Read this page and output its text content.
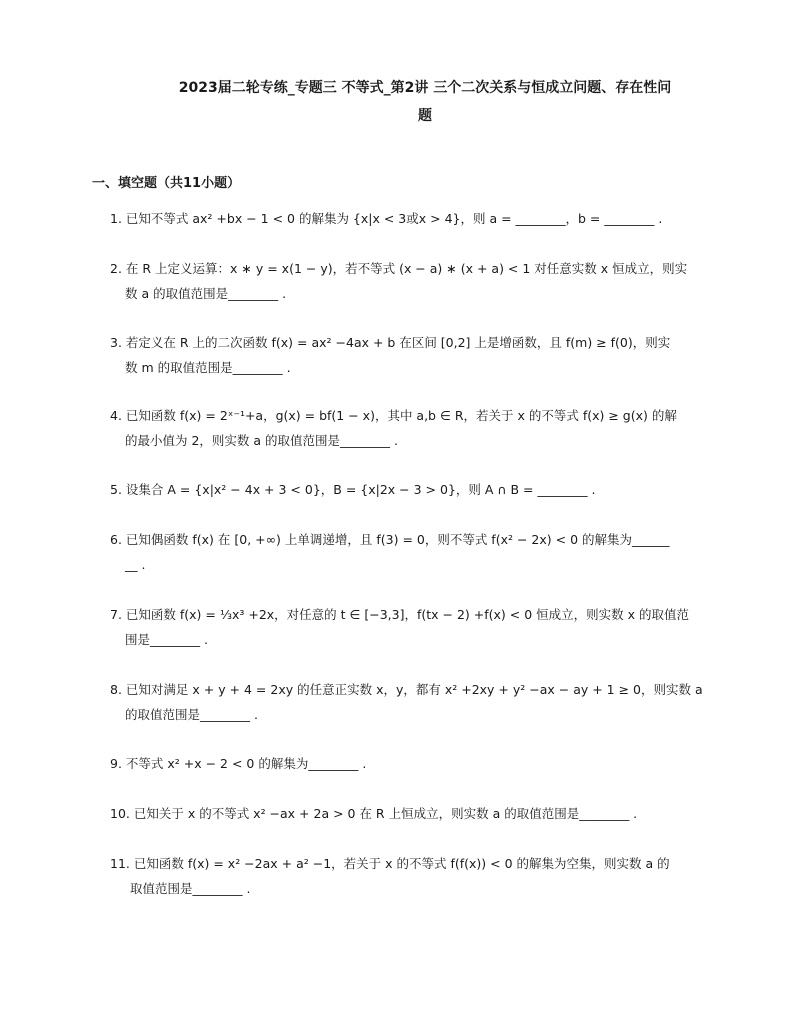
2023届二轮专练_专题三 不等式_第2讲 三个二次关系与恒成立问题、存在性问
题
一、填空题（共11小题）
1. 已知不等式 ax² +bx − 1 < 0 的解集为 {x|x < 3或x > 4}，则 a = ________，b = ________ .
2. 在 R 上定义运算：x ∗ y = x(1 − y)，若不等式 (x − a) ∗ (x + a) < 1 对任意实数 x 恒成立，则实
数 a 的取值范围是________ .
3. 若定义在 R 上的二次函数 f(x) = ax² −4ax + b 在区间 [0,2] 上是增函数，且 f(m) ≥ f(0)，则实
数 m 的取值范围是________ .
4. 已知函数 f(x) = 2ˣ⁻¹+a，g(x) = bf(1 − x)，其中 a,b ∈ R，若关于 x 的不等式 f(x) ≥ g(x) 的解
的最小值为 2，则实数 a 的取值范围是________ .
5. 设集合 A = {x|x² − 4x + 3 < 0}，B = {x|2x − 3 > 0}，则 A ∩ B = ________ .
6. 已知偶函数 f(x) 在 [0, +∞) 上单调递增，且 f(3) = 0，则不等式 f(x² − 2x) < 0 的解集为______
__ .
7. 已知函数 f(x) = ⅓x³ +2x，对任意的 t ∈ [−3,3]，f(tx − 2) +f(x) < 0 恒成立，则实数 x 的取值范
围是________ .
8. 已知对满足 x + y + 4 = 2xy 的任意正实数 x，y，都有 x² +2xy + y² −ax − ay + 1 ≥ 0，则实数 a
的取值范围是________ .
9. 不等式 x² +x − 2 < 0 的解集为________ .
10. 已知关于 x 的不等式 x² −ax + 2a > 0 在 R 上恒成立，则实数 a 的取值范围是________ .
11. 已知函数 f(x) = x² −2ax + a² −1，若关于 x 的不等式 f(f(x)) < 0 的解集为空集，则实数 a 的
取值范围是________ .
